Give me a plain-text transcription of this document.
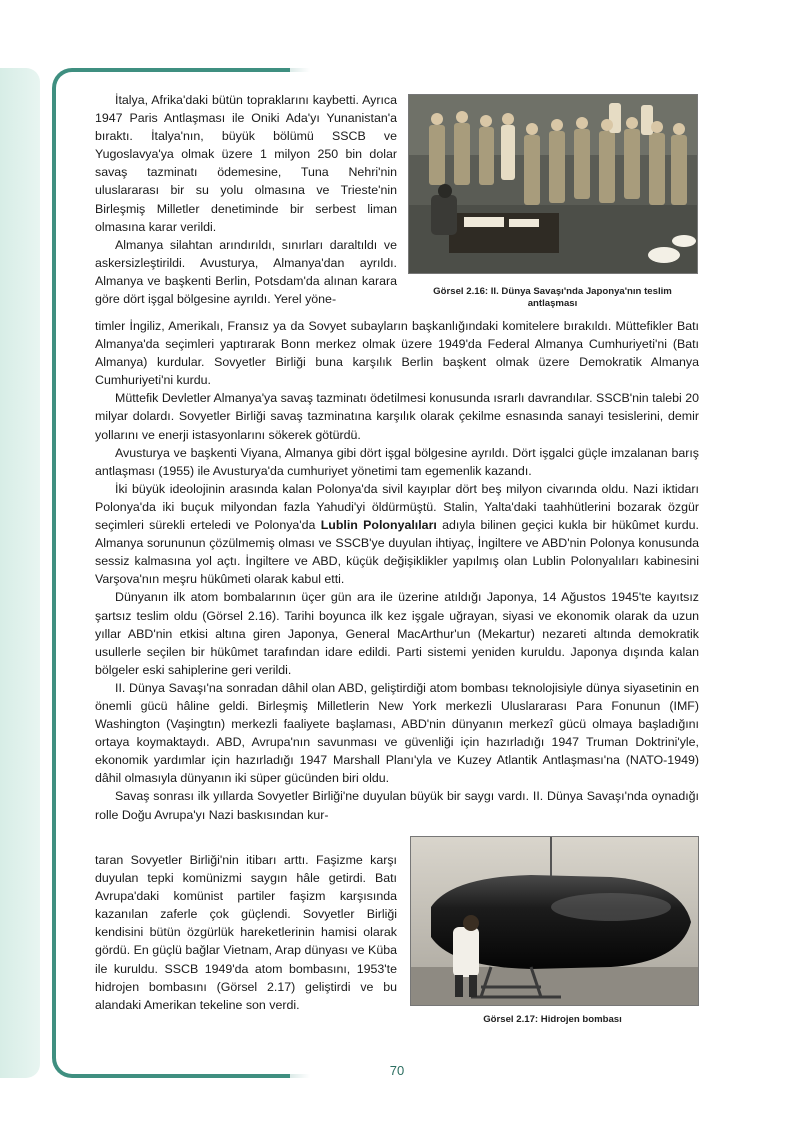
İtalya, Afrika'daki bütün topraklarını kaybetti. Ayrıca 1947 Paris Antlaşması ile Oniki Ada'yı Yunanistan'a bıraktı. İtalya'nın, büyük bölümü SSCB ve Yugoslavya'ya olmak üzere 1 milyon 250 bin dolar savaş tazminatı ödemesine, Tuna Nehri'nin uluslararası bir su yolu olmasına ve Trieste'nin Birleşmiş Milletler denetiminde bir serbest liman olmasına karar verildi.

Almanya silahtan arındırıldı, sınırları daraltıldı ve askersizleştirildi. Avusturya, Almanya'dan ayrıldı. Almanya ve başkenti Berlin, Potsdam'da alınan karara göre dört işgal bölgesine ayrıldı. Yerel yöne-

Görsel 2.16: II. Dünya Savaşı'nda Japonya'nın teslim antlaşması

timler İngiliz, Amerikalı, Fransız ya da Sovyet subayların başkanlığındaki komitelere bırakıldı. Müttefikler Batı Almanya'da seçimleri yaptırarak Bonn merkez olmak üzere 1949'da Federal Almanya Cumhuriyeti'ni (Batı Almanya) kurdular. Sovyetler Birliği buna karşılık Berlin başkent olmak üzere Demokratik Almanya Cumhuriyeti'ni kurdu.

Müttefik Devletler Almanya'ya savaş tazminatı ödetilmesi konusunda ısrarlı davrandılar. SSCB'nin talebi 20 milyar dolardı. Sovyetler Birliği savaş tazminatına karşılık olarak çekilme esnasında sanayi tesislerini, demir yollarını ve enerji istasyonlarını sökerek götürdü.

Avusturya ve başkenti Viyana, Almanya gibi dört işgal bölgesine ayrıldı. Dört işgalci güçle imzalanan barış antlaşması (1955) ile Avusturya'da cumhuriyet yönetimi tam egemenlik kazandı.

İki büyük ideolojinin arasında kalan Polonya'da sivil kayıplar dört beş milyon civarında oldu. Nazi iktidarı Polonya'da iki buçuk milyondan fazla Yahudi'yi öldürmüştü. Stalin, Yalta'daki taahhütlerini bozarak özgür seçimleri sürekli erteledi ve Polonya'da Lublin Polonyalıları adıyla bilinen geçici kukla bir hükûmet kurdu. Almanya sorununun çözülmemiş olması ve SSCB'ye duyulan ihtiyaç, İngiltere ve ABD'nin Polonya konusunda sessiz kalmasına yol açtı. İngiltere ve ABD, küçük değişiklikler yapılmış olan Lublin Polonyalıları kabinesini Varşova'nın meşru hükûmeti olarak kabul etti.

Dünyanın ilk atom bombalarının üçer gün ara ile üzerine atıldığı Japonya, 14 Ağustos 1945'te kayıtsız şartsız teslim oldu (Görsel 2.16). Tarihi boyunca ilk kez işgale uğrayan, siyasi ve ekonomik olarak da uzun yıllar ABD'nin etkisi altına giren Japonya, General MacArthur'un (Mekartur) nezareti altında demokratik usullerle seçilen bir hükûmet tarafından idare edildi. Parti sistemi yeniden kuruldu. Japonya dışında kalan bölgeler eski sahiplerine geri verildi.

II. Dünya Savaşı'na sonradan dâhil olan ABD, geliştirdiği atom bombası teknolojisiyle dünya siyasetinin en önemli gücü hâline geldi. Birleşmiş Milletlerin New York merkezli Uluslararası Para Fonunun (IMF) Washington (Vaşingtın) merkezli faaliyete başlaması, ABD'nin dünyanın merkezî gücü olmaya başladığını ortaya koymaktaydı. ABD, Avrupa'nın savunması ve güvenliği için hazırladığı 1947 Truman Doktrini'yle, ekonomik yardımlar için hazırladığı 1947 Marshall Planı'yla ve Kuzey Atlantik Antlaşması'na (NATO-1949) dâhil olmasıyla dünyanın iki süper gücünden biri oldu.

Savaş sonrası ilk yıllarda Sovyetler Birliği'ne duyulan büyük bir saygı vardı. II. Dünya Savaşı'nda oynadığı rolle Doğu Avrupa'yı Nazi baskısından kur-

taran Sovyetler Birliği'nin itibarı arttı. Faşizme karşı duyulan tepki komünizmi saygın hâle getirdi. Batı Avrupa'daki komünist partiler faşizm karşısında kazanılan zaferle çok güçlendi. Sovyetler Birliği kendisini bütün özgürlük hareketlerinin hamisi olarak gördü. En güçlü bağlar Vietnam, Arap dünyası ve Küba ile kuruldu. SSCB 1949'da atom bombasını, 1953'te hidrojen bombasını (Görsel 2.17) geliştirdi ve bu alandaki Amerikan tekeline son verdi.

Görsel 2.17: Hidrojen bombası
70
